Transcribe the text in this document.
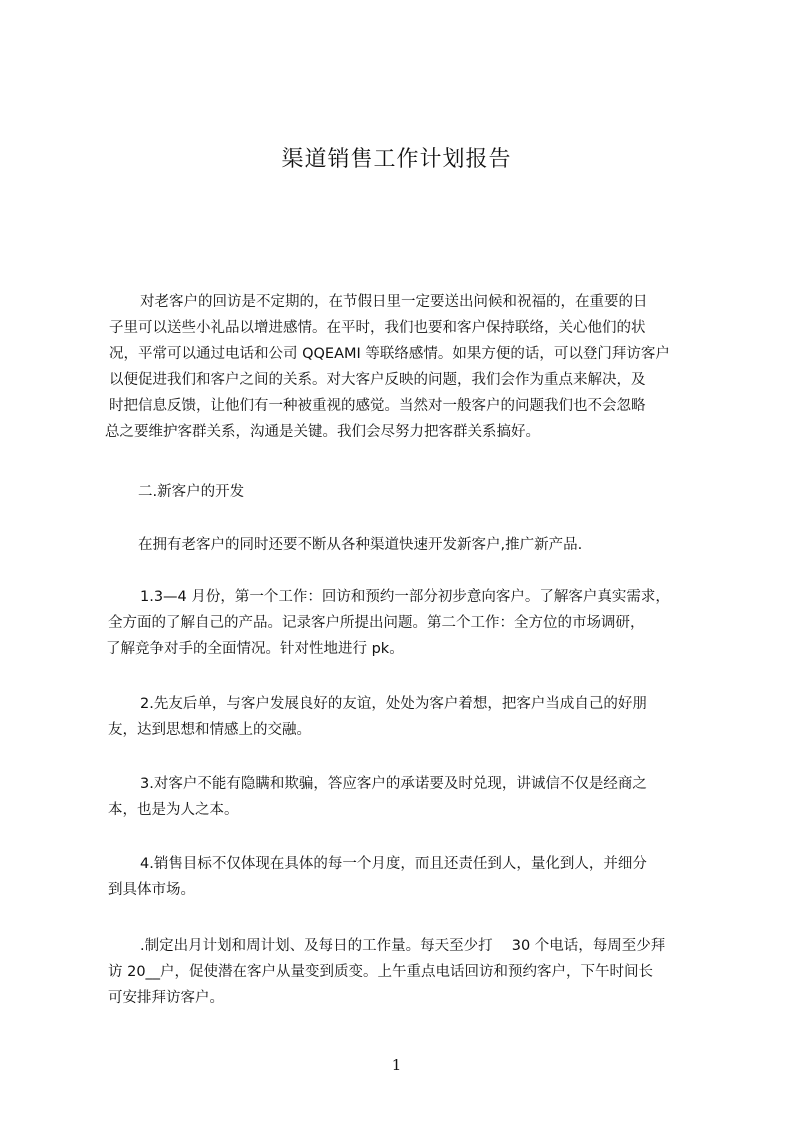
渠道销售工作计划报告
对老客户的回访是不定期的，在节假日里一定要送出问候和祝福的，在重要的日
子里可以送些小礼品以增进感情。在平时，我们也要和客户保持联络，关心他们的状
况，平常可以通过电话和公司 QQEAMI 等联络感情。如果方便的话，可以登门拜访客户
以便促进我们和客户之间的关系。对大客户反映的问题，我们会作为重点来解决，及
时把信息反馈，让他们有一种被重视的感觉。当然对一般客户的问题我们也不会忽略
总之要维护客群关系，沟通是关键。我们会尽努力把客群关系搞好。
二.新客户的开发
在拥有老客户的同时还要不断从各种渠道快速开发新客户,推广新产品.
1.3—4 月份，第一个工作：回访和预约一部分初步意向客户。了解客户真实需求，
全方面的了解自己的产品。记录客户所提出问题。第二个工作：全方位的市场调研，
了解竞争对手的全面情况。针对性地进行 pk。
2.先友后单，与客户发展良好的友谊，处处为客户着想，把客户当成自己的好朋
友，达到思想和情感上的交融。
3.对客户不能有隐瞒和欺骗，答应客户的承诺要及时兑现，讲诚信不仅是经商之
本，也是为人之本。
4.销售目标不仅体现在具体的每一个月度，而且还责任到人，量化到人，并细分
到具体市场。
.制定出月计划和周计划、及每日的工作量。每天至少打　 30 个电话，每周至少拜
访 20__户，促使潜在客户从量变到质变。上午重点电话回访和预约客户，下午时间长
可安排拜访客户。
1
